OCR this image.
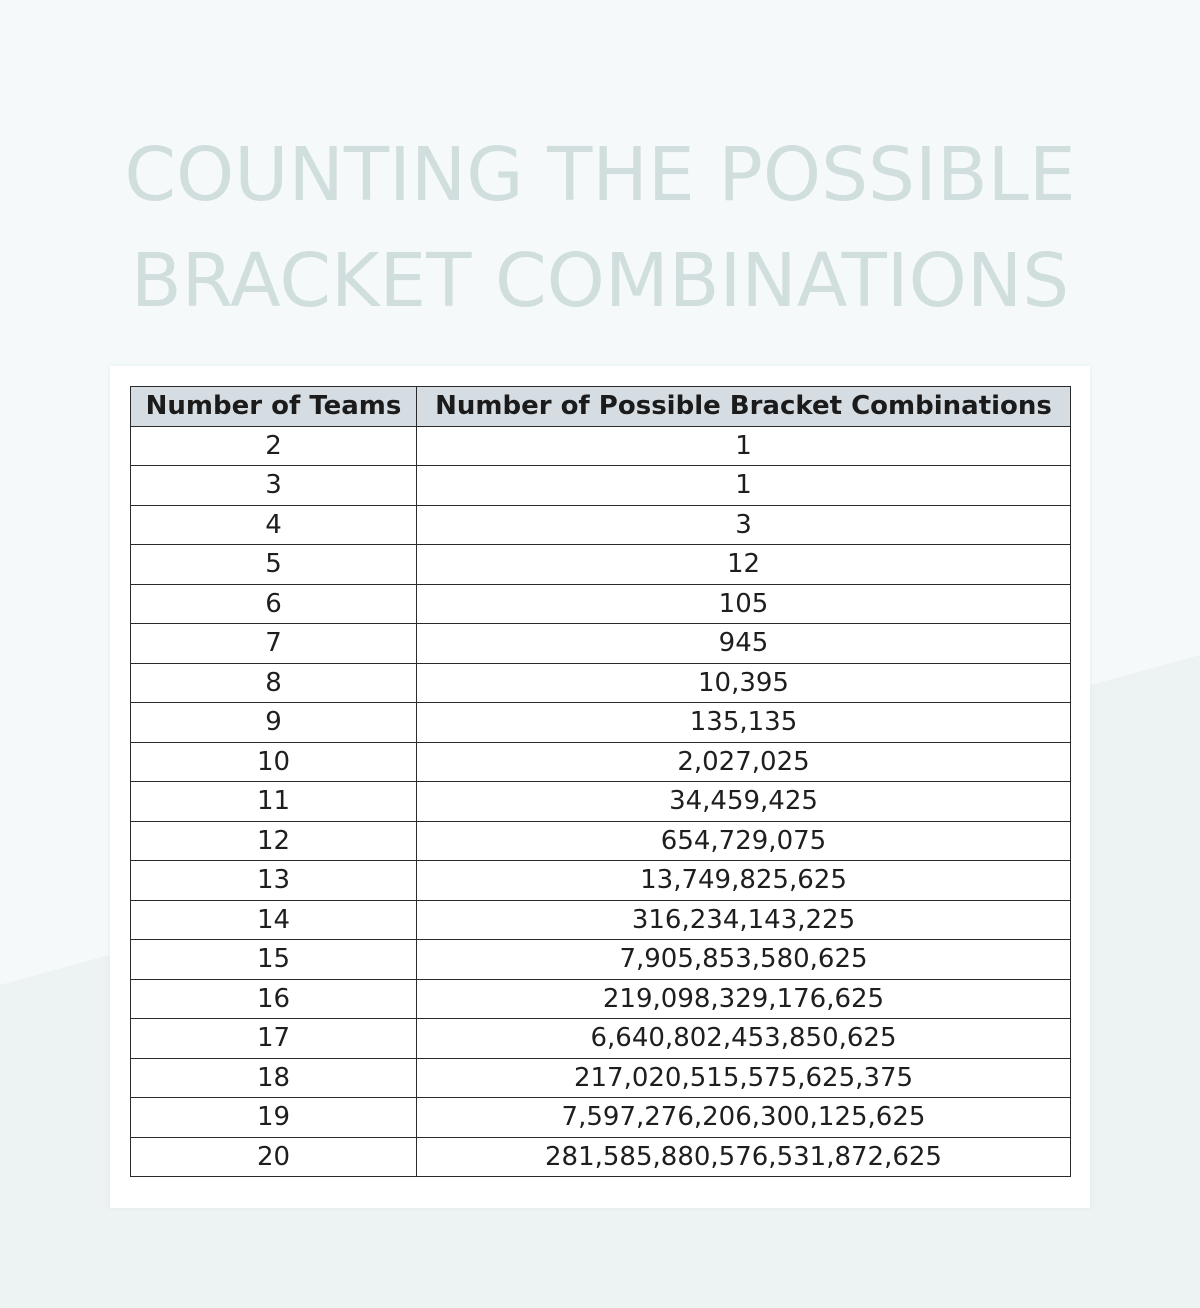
COUNTING THE POSSIBLE
BRACKET COMBINATIONS
Number of Teams	Number of Possible Bracket Combinations
2	1
3	1
4	3
5	12
6	105
7	945
8	10,395
9	135,135
10	2,027,025
11	34,459,425
12	654,729,075
13	13,749,825,625
14	316,234,143,225
15	7,905,853,580,625
16	219,098,329,176,625
17	6,640,802,453,850,625
18	217,020,515,575,625,375
19	7,597,276,206,300,125,625
20	281,585,880,576,531,872,625
